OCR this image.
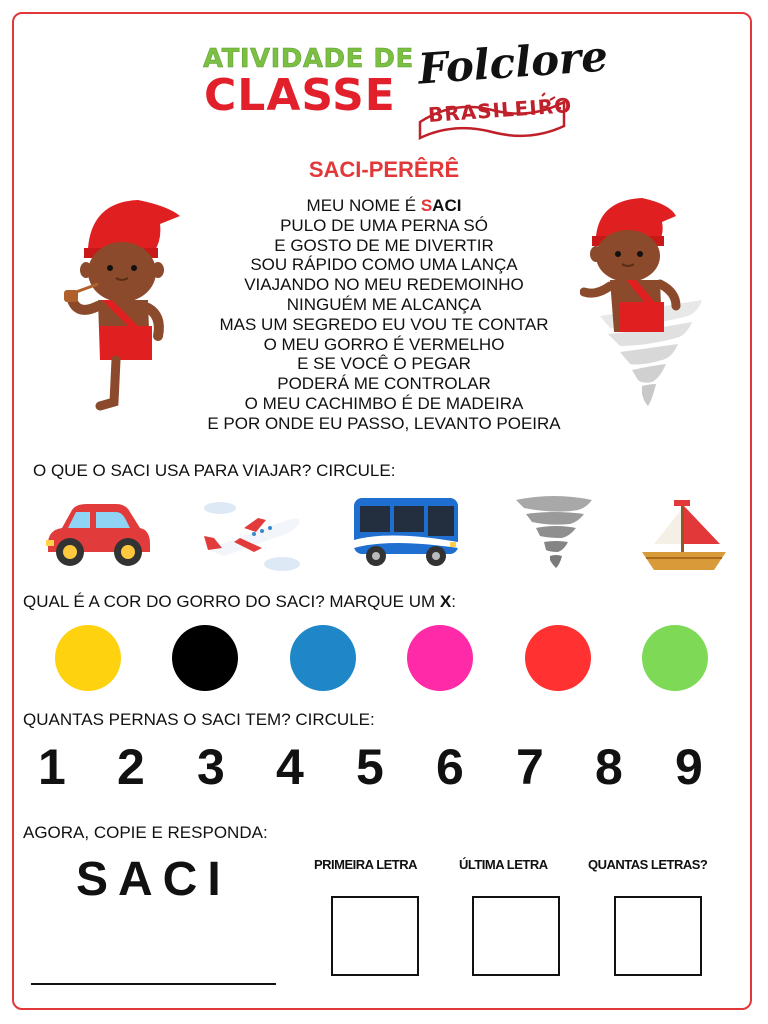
ATIVIDADE DE
CLASSE
Folclore
BRASILEIRO
SACI-PERÊRÊ
MEU NOME É SACI
PULO DE UMA PERNA SÓ
E GOSTO DE ME DIVERTIR
SOU RÁPIDO COMO UMA LANÇA
VIAJANDO NO MEU REDEMOINHO
NINGUÉM ME ALCANÇA
MAS UM SEGREDO EU VOU TE CONTAR
O MEU GORRO É VERMELHO
E SE VOCÊ O PEGAR
PODERÁ ME CONTROLAR
O MEU CACHIMBO É DE MADEIRA
E POR ONDE EU PASSO, LEVANTO POEIRA
O QUE O SACI USA PARA VIAJAR? CIRCULE:
QUAL É A COR DO GORRO DO SACI? MARQUE UM X:
QUANTAS PERNAS O SACI TEM? CIRCULE:
1 2 3 4 5 6 7 8 9
AGORA, COPIE E RESPONDA:
SACI	PRIMEIRA LETRA	ÚLTIMA LETRA	QUANTAS LETRAS?
